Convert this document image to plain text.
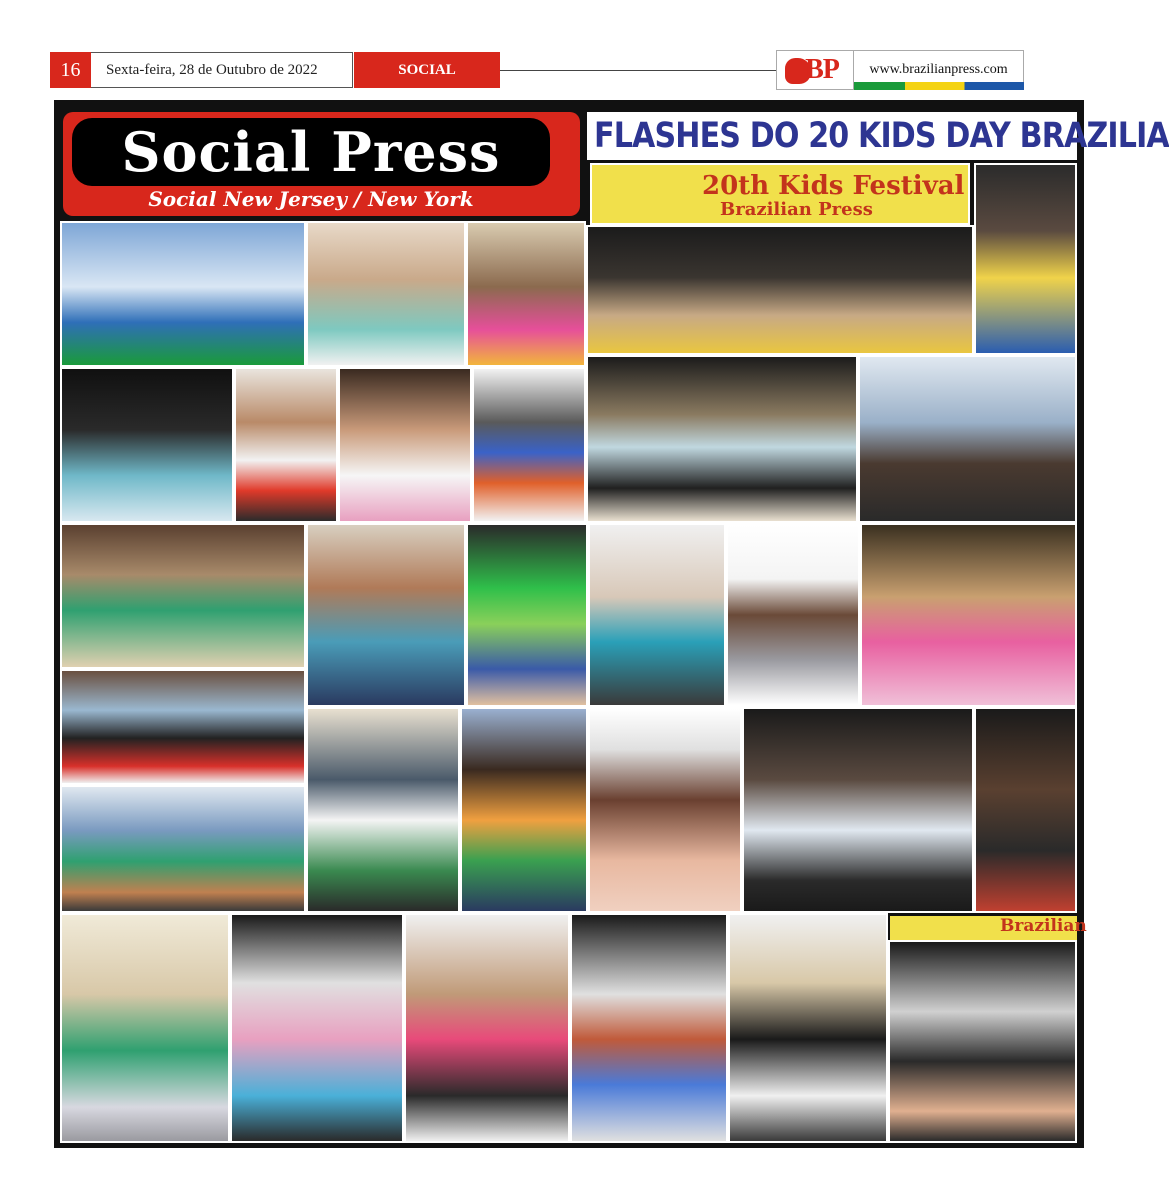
16	Sexta-feira, 28 de Outubro de 2022	SOCIAL	BP	www.brazilianpress.com
Social Press
Social New Jersey / New York
FLASHES DO 20 KIDS DAY BRAZILIA
20th Kids Festival
Brazilian Press
Brazilian
